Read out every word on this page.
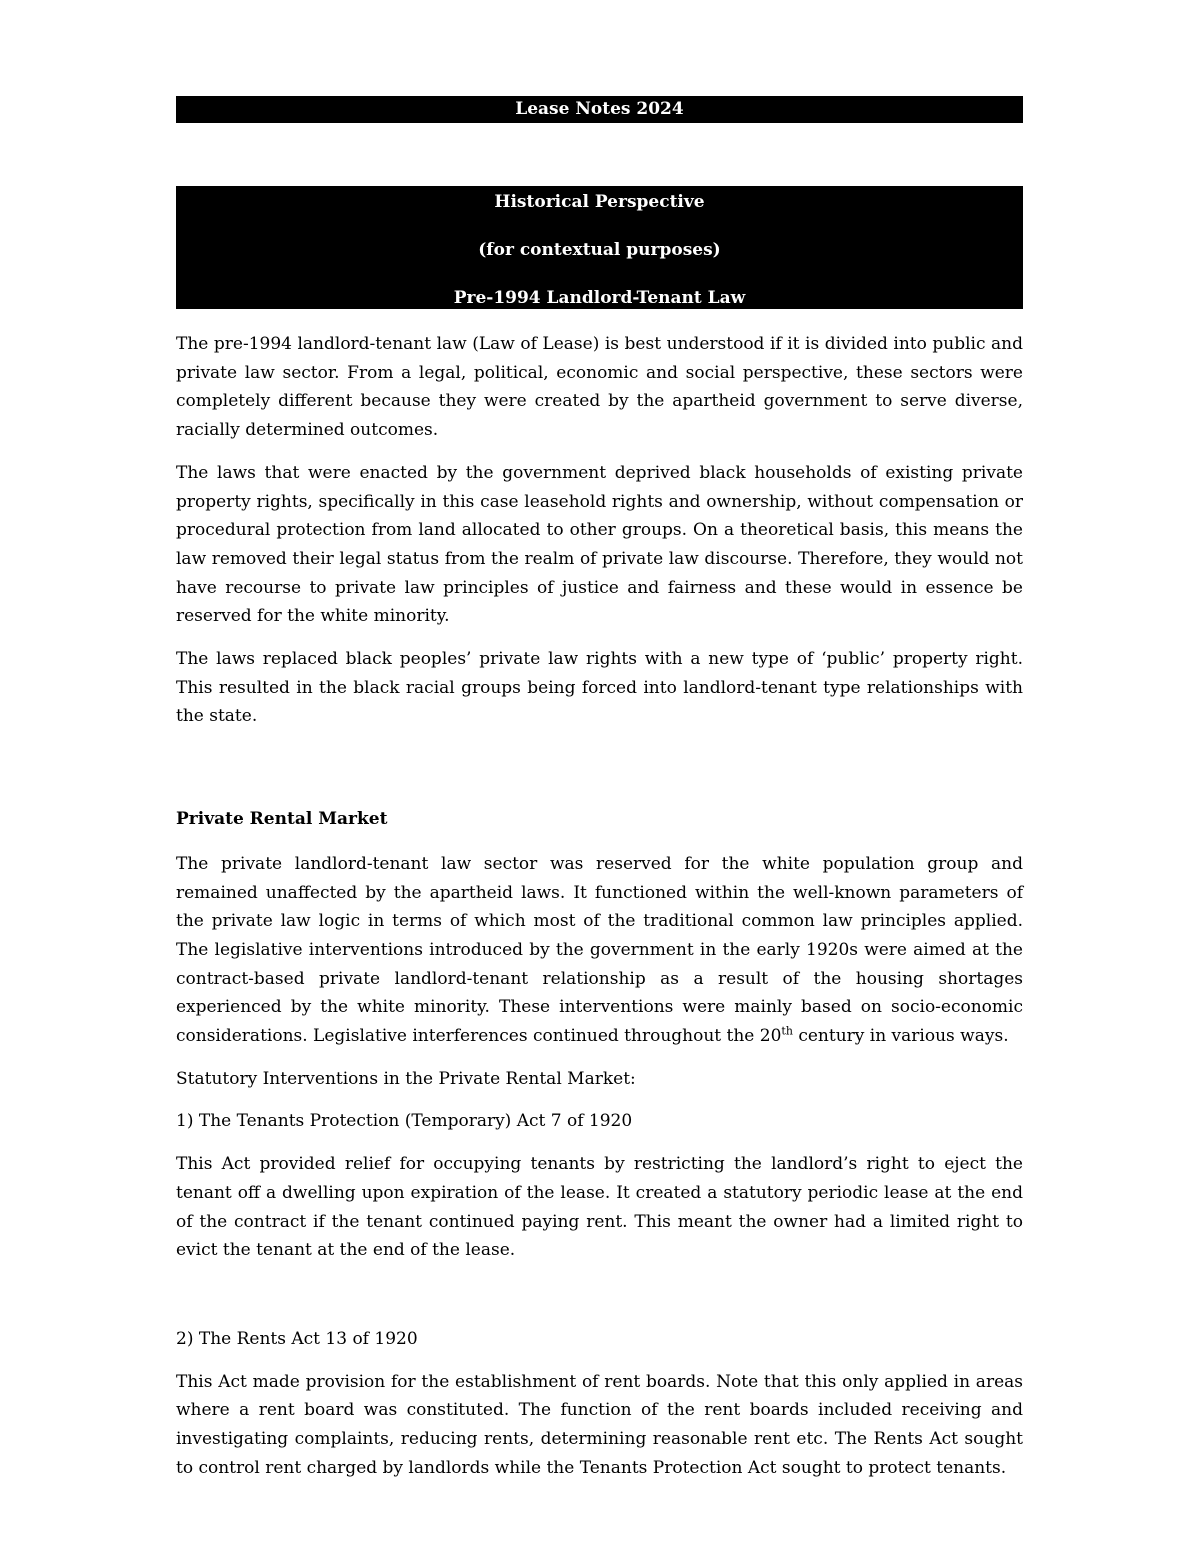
Lease Notes 2024
Historical Perspective
(for contextual purposes)
Pre-1994 Landlord-Tenant Law

The pre-1994 landlord-tenant law (Law of Lease) is best understood if it is divided into public and private law sector. From a legal, political, economic and social perspective, these sectors were completely different because they were created by the apartheid government to serve diverse, racially determined outcomes.

The laws that were enacted by the government deprived black households of existing private property rights, specifically in this case leasehold rights and ownership, without compensation or procedural protection from land allocated to other groups. On a theoretical basis, this means the law removed their legal status from the realm of private law discourse. Therefore, they would not have recourse to private law principles of justice and fairness and these would in essence be reserved for the white minority.

The laws replaced black peoples’ private law rights with a new type of ‘public’ property right. This resulted in the black racial groups being forced into landlord-tenant type relationships with the state.

Private Rental Market

The private landlord-tenant law sector was reserved for the white population group and remained unaffected by the apartheid laws. It functioned within the well-known parameters of the private law logic in terms of which most of the traditional common law principles applied. The legislative interventions introduced by the government in the early 1920s were aimed at the contract-based private landlord-tenant relationship as a result of the housing shortages experienced by the white minority. These interventions were mainly based on socio-economic considerations. Legislative interferences continued throughout the 20th century in various ways.

Statutory Interventions in the Private Rental Market:

1) The Tenants Protection (Temporary) Act 7 of 1920

This Act provided relief for occupying tenants by restricting the landlord’s right to eject the tenant off a dwelling upon expiration of the lease. It created a statutory periodic lease at the end of the contract if the tenant continued paying rent. This meant the owner had a limited right to evict the tenant at the end of the lease.

2) The Rents Act 13 of 1920

This Act made provision for the establishment of rent boards. Note that this only applied in areas where a rent board was constituted. The function of the rent boards included receiving and investigating complaints, reducing rents, determining reasonable rent etc. The Rents Act sought to control rent charged by landlords while the Tenants Protection Act sought to protect tenants.
